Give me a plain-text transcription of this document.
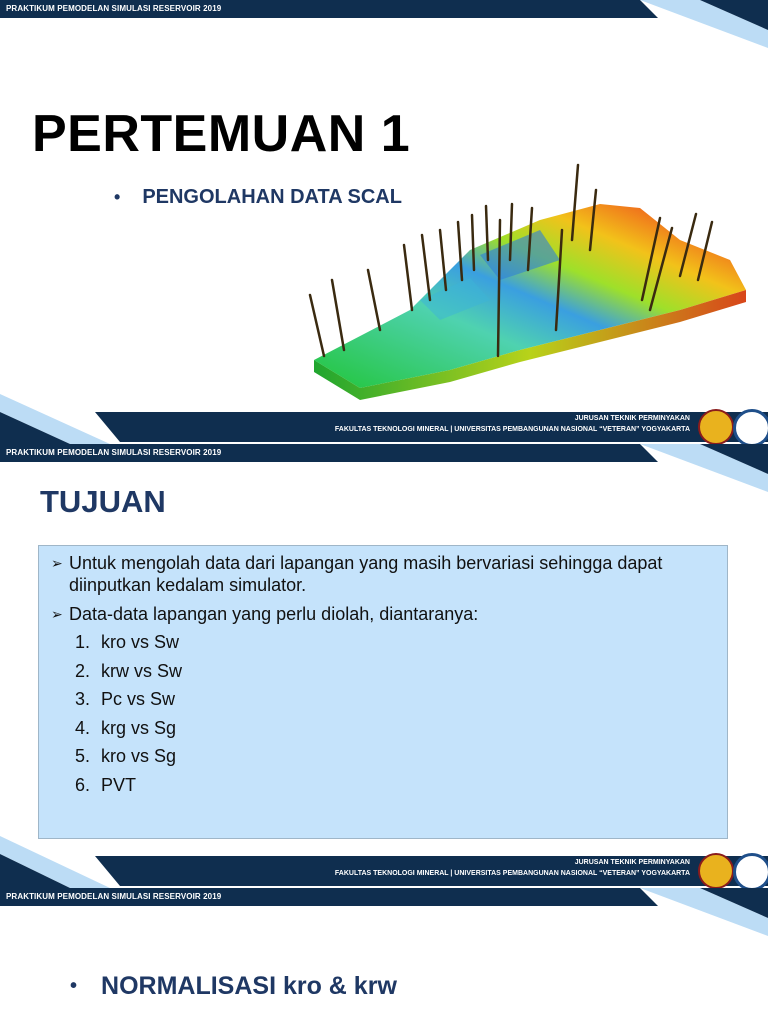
PRAKTIKUM PEMODELAN SIMULASI RESERVOIR 2019
PERTEMUAN 1
• PENGOLAHAN DATA SCAL
JURUSAN TEKNIK PERMINYAKAN
FAKULTAS TEKNOLOGI MINERAL | UNIVERSITAS PEMBANGUNAN NASIONAL “VETERAN” YOGYAKARTA
PRAKTIKUM PEMODELAN SIMULASI RESERVOIR 2019
TUJUAN
➢ Untuk mengolah data dari lapangan yang masih bervariasi sehingga dapat
diinputkan kedalam simulator.
➢ Data-data lapangan yang perlu diolah, diantaranya:
1. kro vs Sw
2. krw vs Sw
3. Pc vs Sw
4. krg vs Sg
5. kro vs Sg
6. PVT
JURUSAN TEKNIK PERMINYAKAN
FAKULTAS TEKNOLOGI MINERAL | UNIVERSITAS PEMBANGUNAN NASIONAL “VETERAN” YOGYAKARTA
PRAKTIKUM PEMODELAN SIMULASI RESERVOIR 2019
• NORMALISASI kro & krw
